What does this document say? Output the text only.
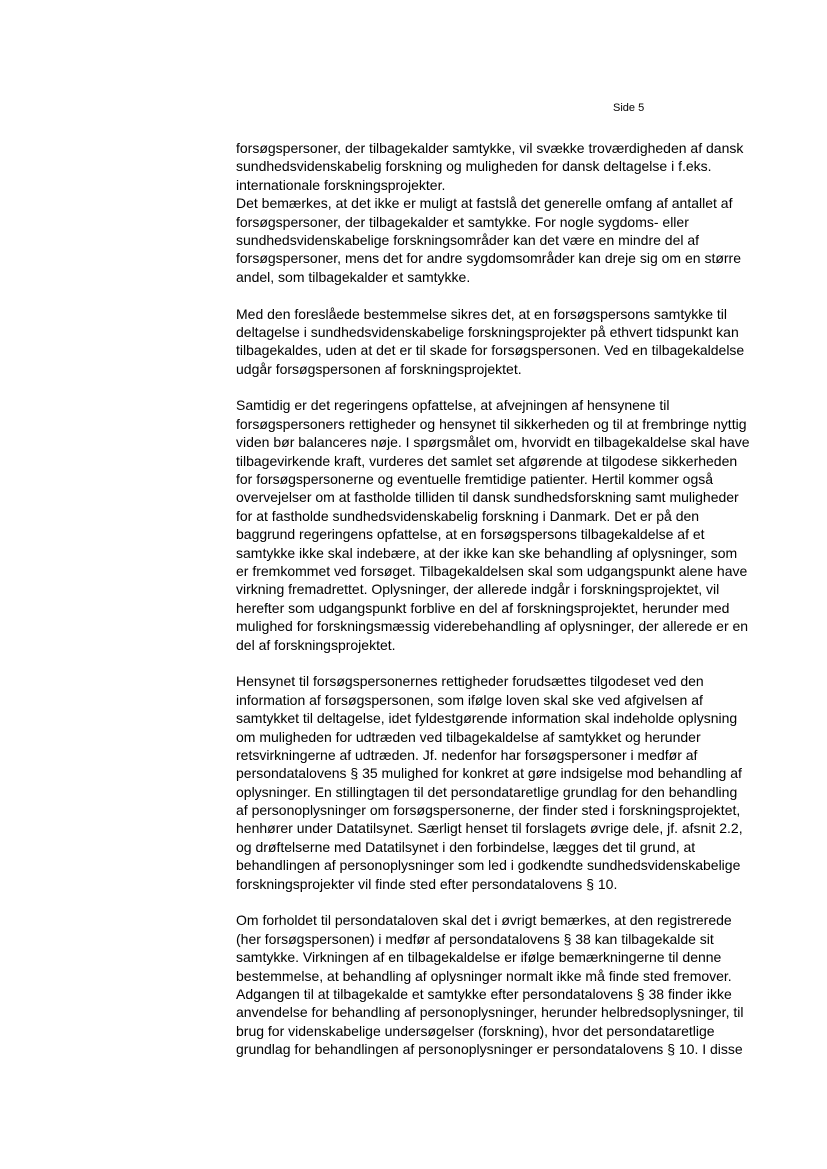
Side 5
forsøgspersoner, der tilbagekalder samtykke, vil svække troværdigheden af dansk
sundhedsvidenskabelig forskning og muligheden for dansk deltagelse i f.eks.
internationale forskningsprojekter.
Det bemærkes, at det ikke er muligt at fastslå det generelle omfang af antallet af
forsøgspersoner, der tilbagekalder et samtykke. For nogle sygdoms- eller
sundhedsvidenskabelige forskningsområder kan det være en mindre del af
forsøgspersoner, mens det for andre sygdomsområder kan dreje sig om en større
andel, som tilbagekalder et samtykke.
Med den foreslåede bestemmelse sikres det, at en forsøgspersons samtykke til
deltagelse i sundhedsvidenskabelige forskningsprojekter på ethvert tidspunkt kan
tilbagekaldes, uden at det er til skade for forsøgspersonen. Ved en tilbagekaldelse
udgår forsøgspersonen af forskningsprojektet.
Samtidig er det regeringens opfattelse, at afvejningen af hensynene til
forsøgspersoners rettigheder og hensynet til sikkerheden og til at frembringe nyttig
viden bør balanceres nøje. I spørgsmålet om, hvorvidt en tilbagekaldelse skal have
tilbagevirkende kraft, vurderes det samlet set afgørende at tilgodese sikkerheden
for forsøgspersonerne og eventuelle fremtidige patienter. Hertil kommer også
overvejelser om at fastholde tilliden til dansk sundhedsforskning samt muligheder
for at fastholde sundhedsvidenskabelig forskning i Danmark. Det er på den
baggrund regeringens opfattelse, at en forsøgspersons tilbagekaldelse af et
samtykke ikke skal indebære, at der ikke kan ske behandling af oplysninger, som
er fremkommet ved forsøget. Tilbagekaldelsen skal som udgangspunkt alene have
virkning fremadrettet. Oplysninger, der allerede indgår i forskningsprojektet, vil
herefter som udgangspunkt forblive en del af forskningsprojektet, herunder med
mulighed for forskningsmæssig viderebehandling af oplysninger, der allerede er en
del af forskningsprojektet.
Hensynet til forsøgspersonernes rettigheder forudsættes tilgodeset ved den
information af forsøgspersonen, som ifølge loven skal ske ved afgivelsen af
samtykket til deltagelse, idet fyldestgørende information skal indeholde oplysning
om muligheden for udtræden ved tilbagekaldelse af samtykket og herunder
retsvirkningerne af udtræden. Jf. nedenfor har forsøgspersoner i medfør af
persondatalovens § 35 mulighed for konkret at gøre indsigelse mod behandling af
oplysninger. En stillingtagen til det persondataretlige grundlag for den behandling
af personoplysninger om forsøgspersonerne, der finder sted i forskningsprojektet,
henhører under Datatilsynet. Særligt henset til forslagets øvrige dele, jf. afsnit 2.2,
og drøftelserne med Datatilsynet i den forbindelse, lægges det til grund, at
behandlingen af personoplysninger som led i godkendte sundhedsvidenskabelige
forskningsprojekter vil finde sted efter persondatalovens § 10.
Om forholdet til persondataloven skal det i øvrigt bemærkes, at den registrerede
(her forsøgspersonen) i medfør af persondatalovens § 38 kan tilbagekalde sit
samtykke. Virkningen af en tilbagekaldelse er ifølge bemærkningerne til denne
bestemmelse, at behandling af oplysninger normalt ikke må finde sted fremover.
Adgangen til at tilbagekalde et samtykke efter persondatalovens § 38 finder ikke
anvendelse for behandling af personoplysninger, herunder helbredsoplysninger, til
brug for videnskabelige undersøgelser (forskning), hvor det persondataretlige
grundlag for behandlingen af personoplysninger er persondatalovens § 10. I disse
